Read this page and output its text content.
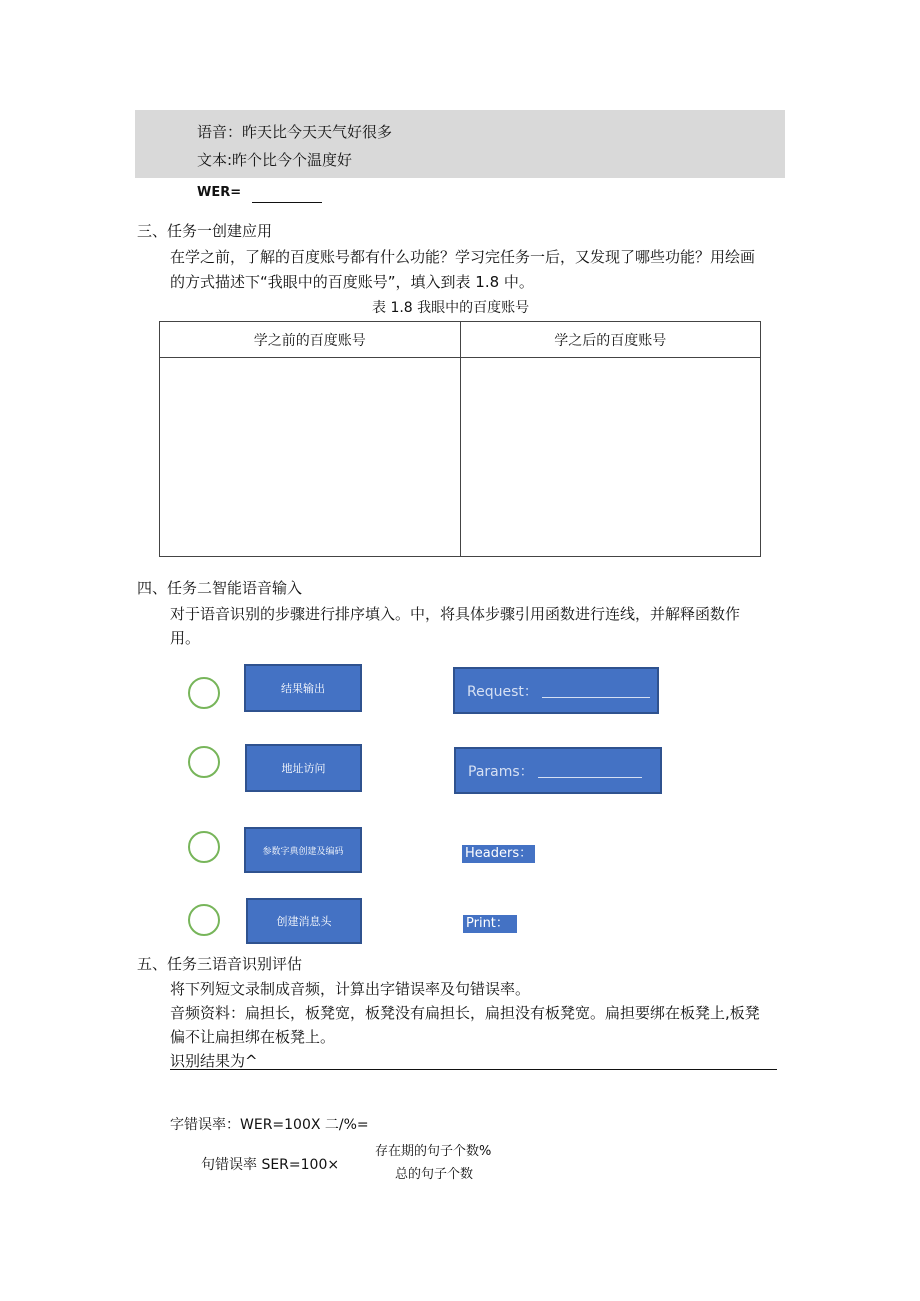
语音：昨天比今天天气好很多
文本:昨个比今个温度好
WER=
三、任务一创建应用
在学之前，了解的百度账号都有什么功能？学习完任务一后，又发现了哪些功能？用绘画
的方式描述下“我眼中的百度账号”，填入到表 1.8 中。
表 1.8 我眼中的百度账号
学之前的百度账号	学之后的百度账号

四、任务二智能语音输入
对于语音识别的步骤进行排序填入。中，将具体步骤引用函数进行连线，并解释函数作
用。
结果输出
地址访问
参数字典创建及编码
创建消息头
Request：
Params：
Headers：
Print：
五、任务三语音识别评估
将下列短文录制成音频，计算出字错误率及句错误率。
音频资料：扁担长，板凳宽，板凳没有扁担长，扁担没有板凳宽。扁担要绑在板凳上,板凳
偏不让扁担绑在板凳上。
识别结果为^
字错误率：WER=100X 二/%=
存在期的句子个数%
句错误率 SER=100×
总的句子个数
